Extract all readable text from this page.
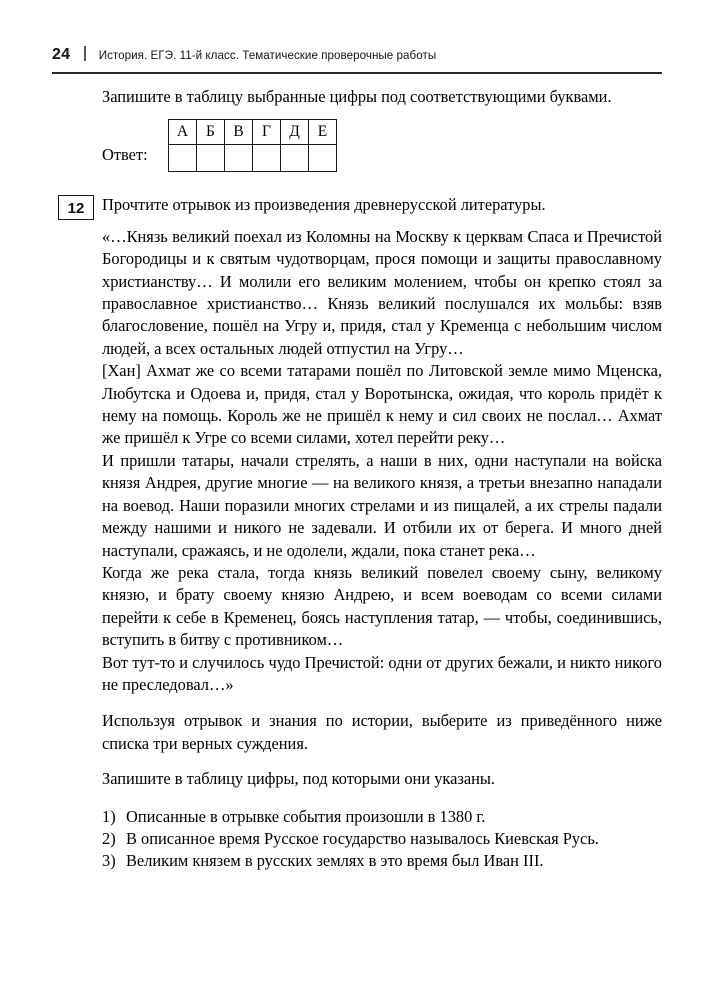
24 История. ЕГЭ. 11-й класс. Тематические проверочные работы

Запишите в таблицу выбранные цифры под соответствующими буквами.

Ответ:
А	Б	В	Г	Д	Е

12	Прочтите отрывок из произведения древнерусской литературы.

«…Князь великий поехал из Коломны на Москву к церквам Спаса и Пречистой Богородицы и к святым чудотворцам, прося помощи и защиты православному христианству… И молили его великим молением, чтобы он крепко стоял за православное христианство… Князь великий послушался их мольбы: взяв благословение, пошёл на Угру и, придя, стал у Кременца с небольшим числом людей, а всех остальных людей отпустил на Угру…

[Хан] Ахмат же со всеми татарами пошёл по Литовской земле мимо Мценска, Любутска и Одоева и, придя, стал у Воротынска, ожидая, что король придёт к нему на помощь. Король же не пришёл к нему и сил своих не послал… Ахмат же пришёл к Угре со всеми силами, хотел перейти реку…

И пришли татары, начали стрелять, а наши в них, одни наступали на войска князя Андрея, другие многие — на великого князя, а третьи внезапно нападали на воевод. Наши поразили многих стрелами и из пищалей, а их стрелы падали между нашими и никого не задевали. И отбили их от берега. И много дней наступали, сражаясь, и не одолели, ждали, пока станет река…

Когда же река стала, тогда князь великий повелел своему сыну, великому князю, и брату своему князю Андрею, и всем воеводам со всеми силами перейти к себе в Кременец, боясь наступления татар, — чтобы, соединившись, вступить в битву с противником…

Вот тут-то и случилось чудо Пречистой: одни от других бежали, и никто никого не преследовал…»

Используя отрывок и знания по истории, выберите из приведённого ниже списка три верных суждения.

Запишите в таблицу цифры, под которыми они указаны.

1) Описанные в отрывке события произошли в 1380 г.
2) В описанное время Русское государство называлось Киевская Русь.
3) Великим князем в русских землях в это время был Иван III.
